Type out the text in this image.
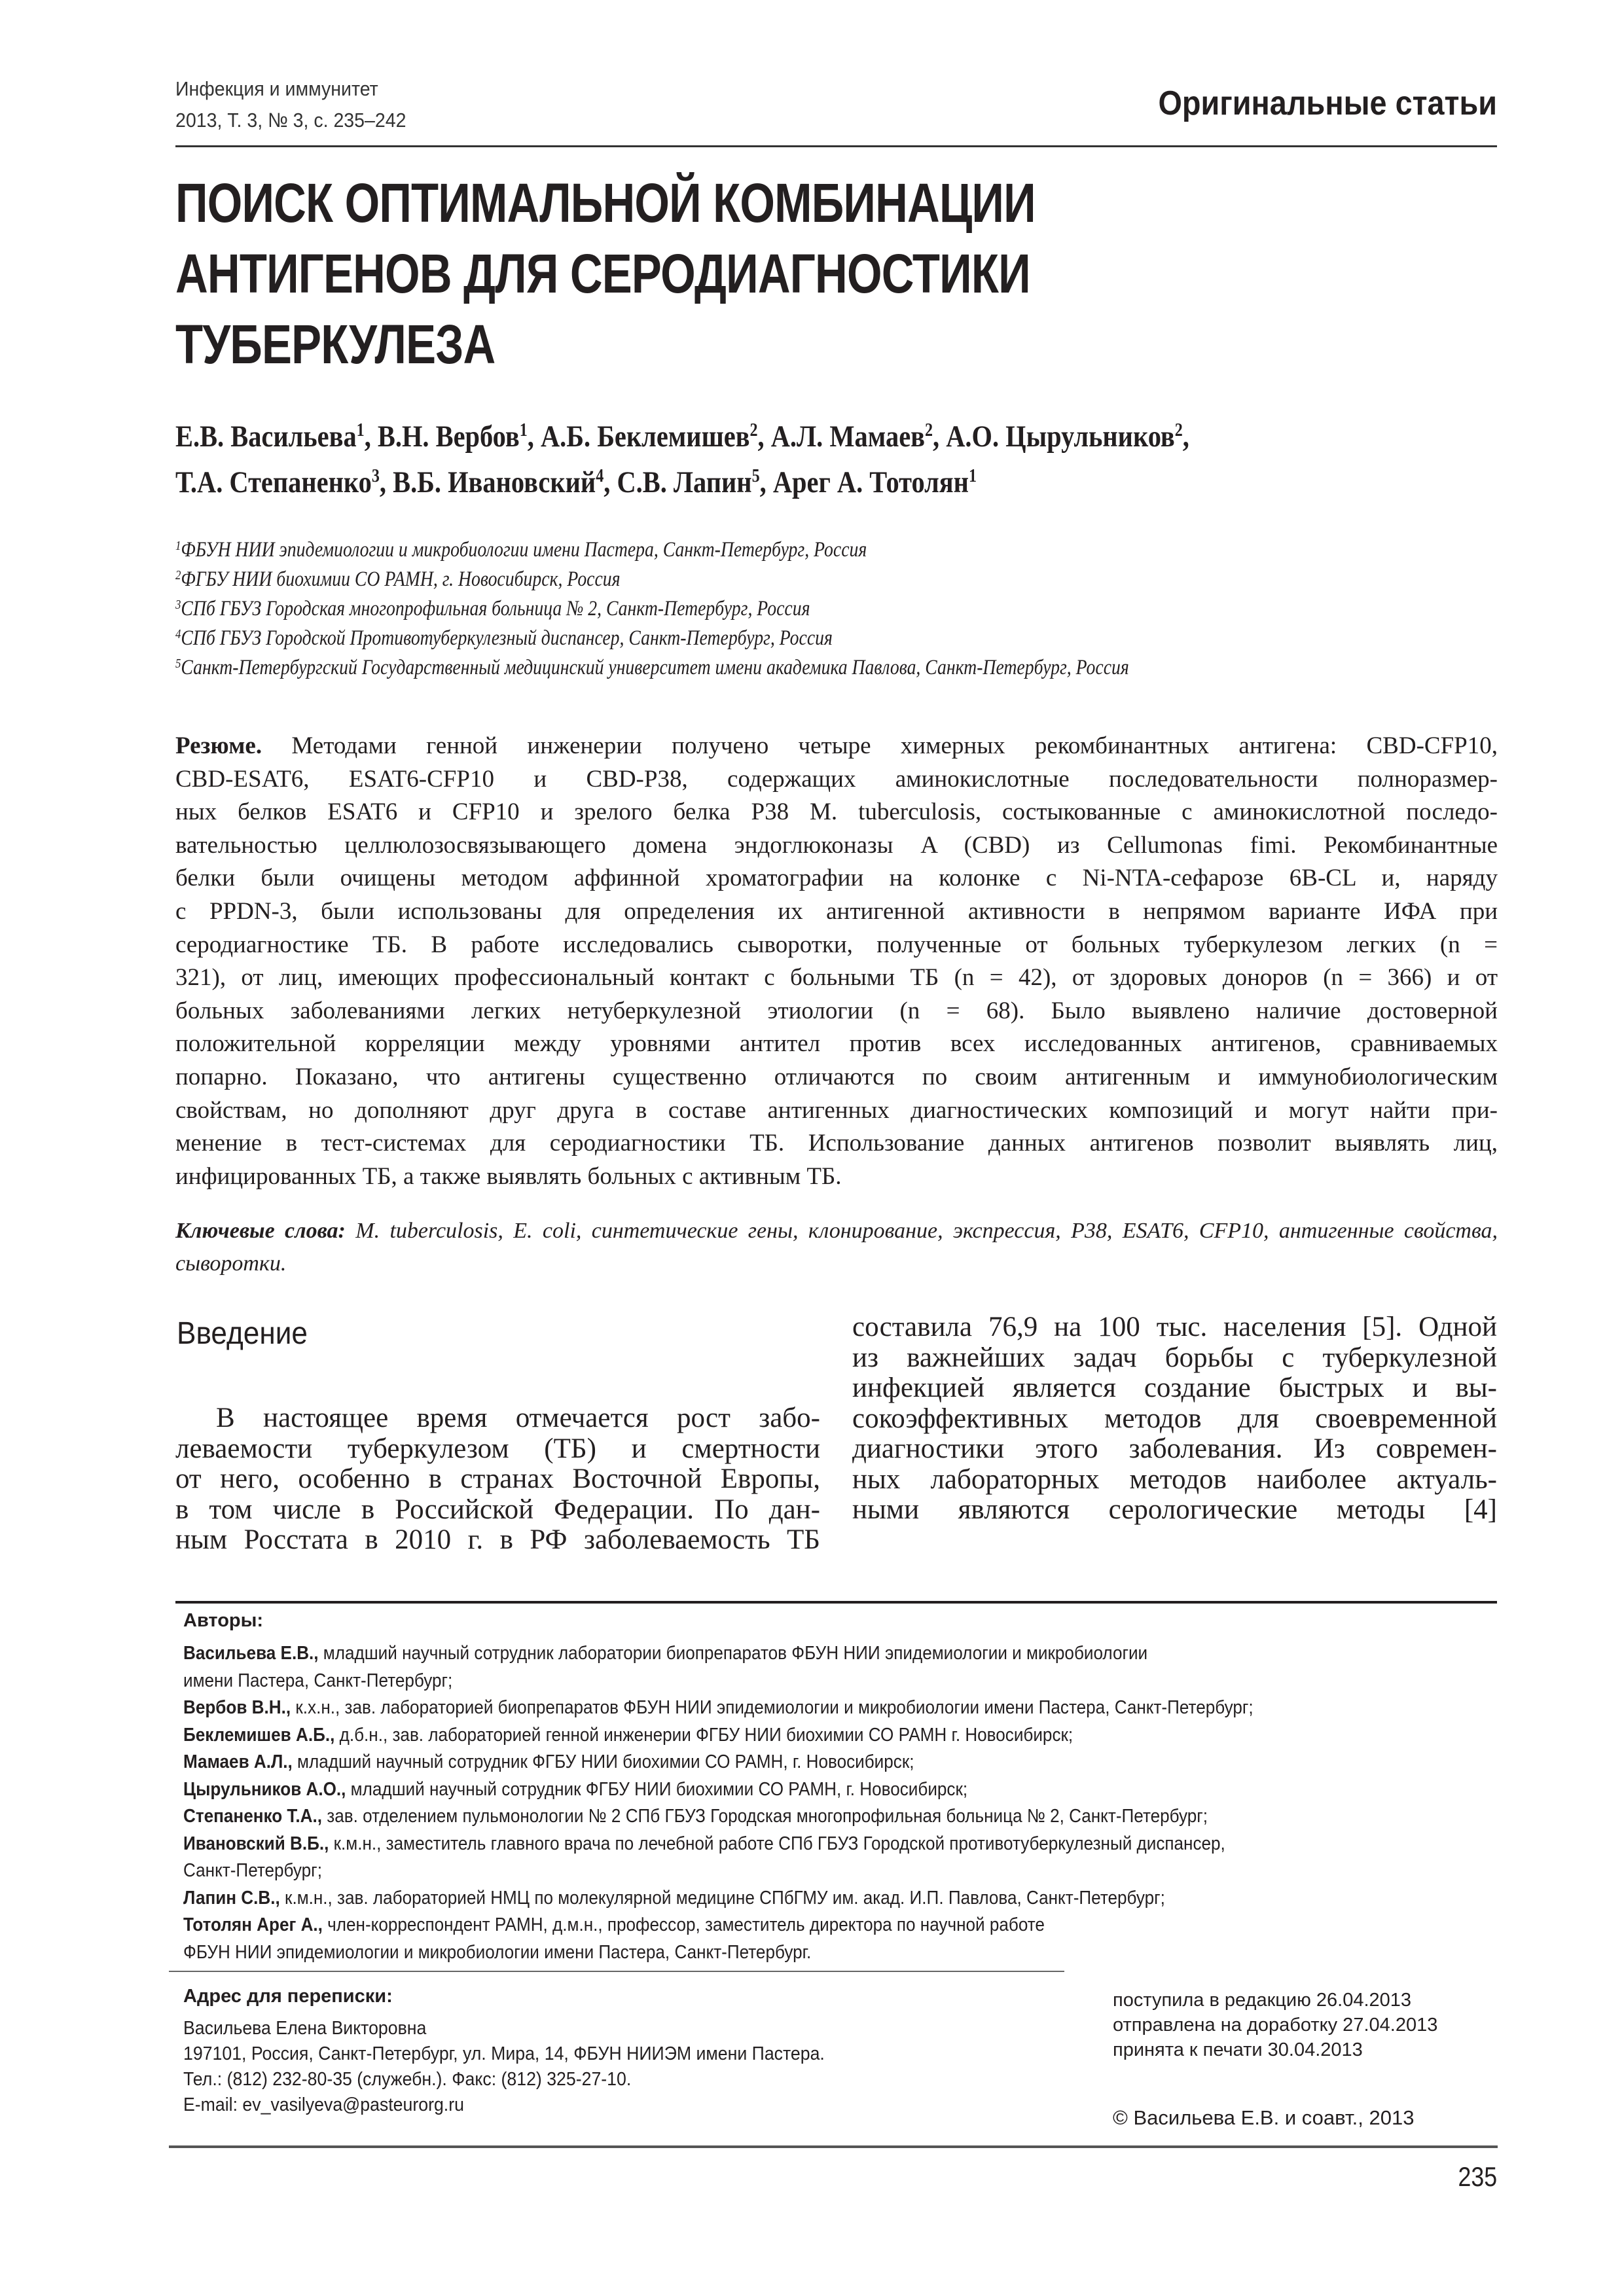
Инфекция и иммунитет
2013, Т. 3, № 3, с. 235–242	Оригинальные статьи
ПОИСК ОПТИМАЛЬНОЙ КОМБИНАЦИИ
АНТИГЕНОВ ДЛЯ СЕРОДИАГНОСТИКИ
ТУБЕРКУЛЕЗА
Е.В. Васильева$^1$, В.Н. Вербов$^1$, А.Б. Беклемишев$^2$, А.Л. Мамаев$^2$, А.О. Цырульников$^2$,
Т.А. Степаненко$^3$, В.Б. Ивановский$^4$, С.В. Лапин$^5$, Арег А. Тотолян$^1$
$^1$ФБУН НИИ эпидемиологии и микробиологии имени Пастера, Санкт-Петербург, Россия
$^2$ФГБУ НИИ биохимии СО РАМН, г. Новосибирск, Россия
$^3$СПб ГБУЗ Городская многопрофильная больница № 2, Санкт-Петербург, Россия
$^4$СПб ГБУЗ Городской Противотуберкулезный диспансер, Санкт-Петербург, Россия
$^5$Санкт-Петербургский Государственный медицинский университет имени академика Павлова, Санкт-Петербург, Россия
Резюме. Методами генной инженерии получено четыре химерных рекомбинантных антигена: CBD-CFP10,
CBD-ESAT6, ESAT6-CFP10 и CBD-P38, содержащих аминокислотные последовательности полноразмер-
ных белков ESAT6 и CFP10 и зрелого белка P38 M. tuberculosis, состыкованные с аминокислотной последо-
вательностью целлюлозосвязывающего домена эндоглюконазы A (CBD) из Cellumonas fimi. Рекомбинантные
белки были очищены методом аффинной хроматографии на колонке с Ni-NTA-сефарозе 6B-CL и, наряду
с PPDN-3, были использованы для определения их антигенной активности в непрямом варианте ИФА при
серодиагностике ТБ. В работе исследовались сыворотки, полученные от больных туберкулезом легких (n =
321), от лиц, имеющих профессиональный контакт с больными ТБ (n = 42), от здоровых доноров (n = 366) и от
больных заболеваниями легких нетуберкулезной этиологии (n = 68). Было выявлено наличие достоверной
положительной корреляции между уровнями антител против всех исследованных антигенов, сравниваемых
попарно. Показано, что антигены существенно отличаются по своим антигенным и иммунобиологическим
свойствам, но дополняют друг друга в составе антигенных диагностических композиций и могут найти при-
менение в тест-системах для серодиагностики ТБ. Использование данных антигенов позволит выявлять лиц,
инфицированных ТБ, а также выявлять больных с активным ТБ.
Ключевые слова: M. tuberculosis, E. coli, синтетические гены, клонирование, экспрессия, P38, ESAT6, CFP10, антигенные свойства,
сыворотки.
Введение
В настоящее время отмечается рост забо-
леваемости туберкулезом (ТБ) и смертности
от него, особенно в странах Восточной Европы,
в том числе в Российской Федерации. По дан-
ным Росстата в 2010 г. в РФ заболеваемость ТБ
составила 76,9 на 100 тыс. населения [5]. Одной
из важнейших задач борьбы с туберкулезной
инфекцией является создание быстрых и вы-
сокоэффективных методов для своевременной
диагностики этого заболевания. Из современ-
ных лабораторных методов наиболее актуаль-
ными являются серологические методы [4]
Авторы:
Васильева Е.В., младший научный сотрудник лаборатории биопрепаратов ФБУН НИИ эпидемиологии и микробиологии
имени Пастера, Санкт-Петербург;
Вербов В.Н., к.х.н., зав. лабораторией биопрепаратов ФБУН НИИ эпидемиологии и микробиологии имени Пастера, Санкт-Петербург;
Беклемишев А.Б., д.б.н., зав. лабораторией генной инженерии ФГБУ НИИ биохимии СО РАМН г. Новосибирск;
Мамаев А.Л., младший научный сотрудник ФГБУ НИИ биохимии СО РАМН, г. Новосибирск;
Цырульников А.О., младший научный сотрудник ФГБУ НИИ биохимии СО РАМН, г. Новосибирск;
Степаненко Т.А., зав. отделением пульмонологии № 2 СПб ГБУЗ Городская многопрофильная больница № 2, Санкт-Петербург;
Ивановский В.Б., к.м.н., заместитель главного врача по лечебной работе СПб ГБУЗ Городской противотуберкулезный диспансер,
Санкт-Петербург;
Лапин С.В., к.м.н., зав. лабораторией НМЦ по молекулярной медицине СПбГМУ им. акад. И.П. Павлова, Санкт-Петербург;
Тотолян Арег А., член-корреспондент РАМН, д.м.н., профессор, заместитель директора по научной работе
ФБУН НИИ эпидемиологии и микробиологии имени Пастера, Санкт-Петербург.
Адрес для переписки:
Васильева Елена Викторовна
197101, Россия, Санкт-Петербург, ул. Мира, 14, ФБУН НИИЭМ имени Пастера.
Тел.: (812) 232-80-35 (служебн.). Факс: (812) 325-27-10.
E-mail: ev_vasilyeva@pasteurorg.ru
поступила в редакцию 26.04.2013
отправлена на доработку 27.04.2013
принята к печати 30.04.2013
© Васильева Е.В. и соавт., 2013
235
